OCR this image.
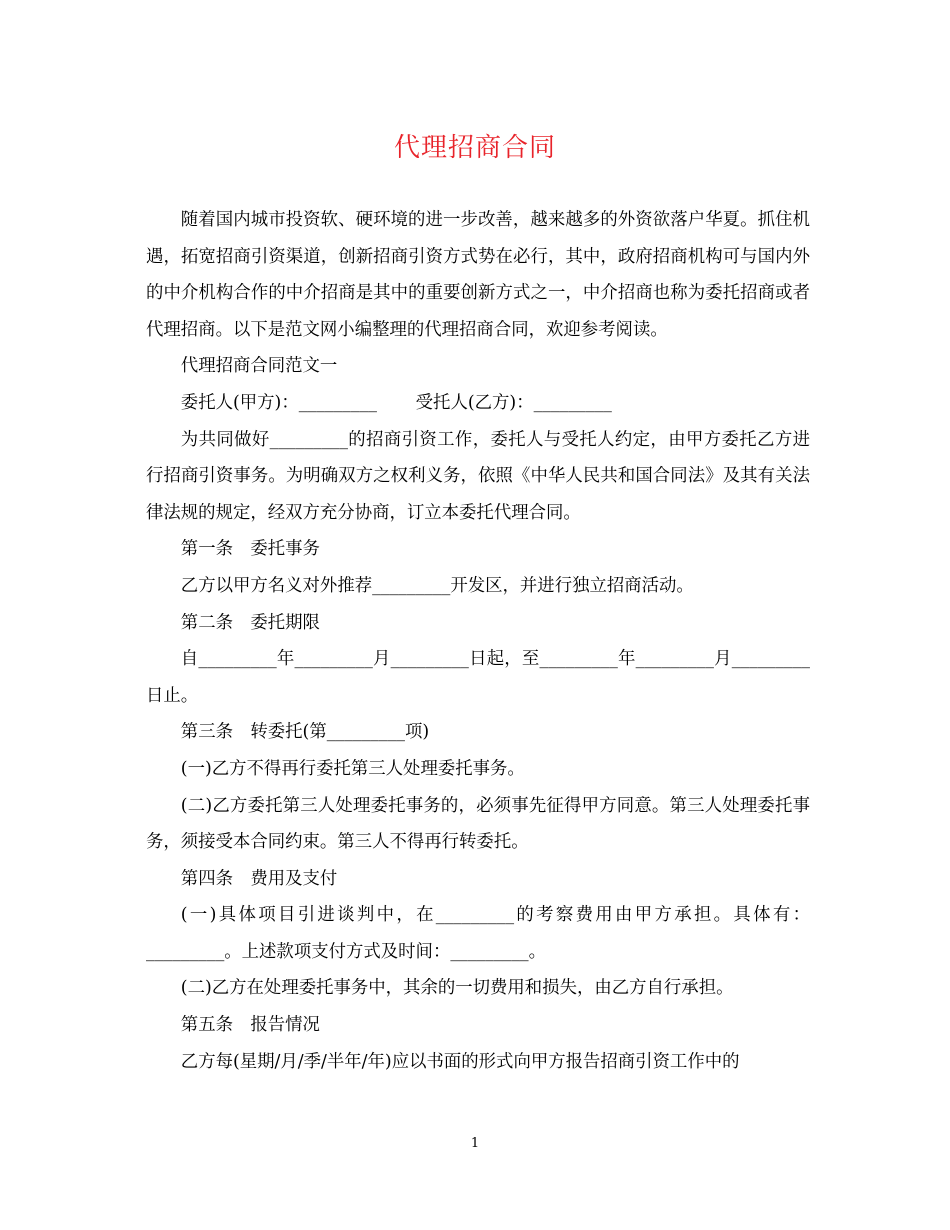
代理招商合同

随着国内城市投资软、硬环境的进一步改善，越来越多的外资欲落户华夏。抓住机遇，拓宽招商引资渠道，创新招商引资方式势在必行，其中，政府招商机构可与国内外的中介机构合作的中介招商是其中的重要创新方式之一，中介招商也称为委托招商或者代理招商。以下是范文网小编整理的代理招商合同，欢迎参考阅读。

代理招商合同范文一

委托人(甲方)：_________       受托人(乙方)：_________

为共同做好_________的招商引资工作，委托人与受托人约定，由甲方委托乙方进行招商引资事务。为明确双方之权利义务，依照《中华人民共和国合同法》及其有关法律法规的规定，经双方充分协商，订立本委托代理合同。

第一条　委托事务

乙方以甲方名义对外推荐_________开发区，并进行独立招商活动。

第二条　委托期限

自_________年_________月_________日起，至_________年_________月_________日止。

第三条　转委托(第_________项)

(一)乙方不得再行委托第三人处理委托事务。

(二)乙方委托第三人处理委托事务的，必须事先征得甲方同意。第三人处理委托事务，须接受本合同约束。第三人不得再行转委托。

第四条　费用及支付

(一)具体项目引进谈判中，在_________的考察费用由甲方承担。具体有：_________。上述款项支付方式及时间：_________。

(二)乙方在处理委托事务中，其余的一切费用和损失，由乙方自行承担。

第五条　报告情况

乙方每(星期/月/季/半年/年)应以书面的形式向甲方报告招商引资工作中的

1
